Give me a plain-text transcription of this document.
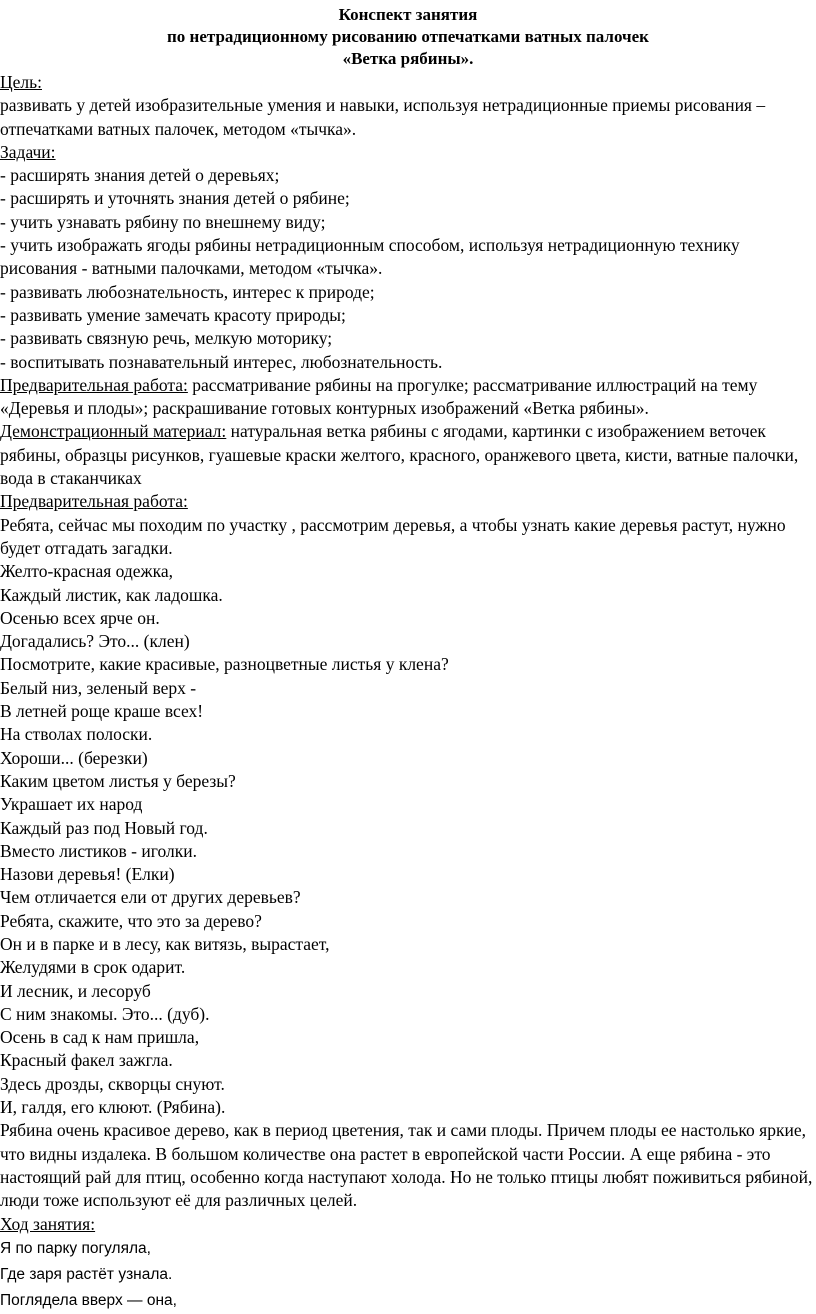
Конспект занятия
по нетрадиционному рисованию отпечатками ватных палочек
«Ветка рябины».

Цель:

развивать у детей изобразительные умения и навыки, используя нетрадиционные приемы рисования – отпечатками ватных палочек, методом «тычка».

Задачи:

- расширять знания детей о деревьях;

- расширять и уточнять знания детей о рябине;

- учить узнавать рябину по внешнему виду;

- учить изображать ягоды рябины нетрадиционным способом, используя нетрадиционную технику рисования - ватными палочками, методом «тычка».

- развивать любознательность, интерес к природе;

- развивать умение замечать красоту природы;

- развивать связную речь, мелкую моторику;

- воспитывать познавательный интерес, любознательность.

Предварительная работа: рассматривание рябины на прогулке; рассматривание иллюстраций на тему «Деревья и плоды»; раскрашивание готовых контурных изображений «Ветка рябины».

Демонстрационный материал: натуральная ветка рябины с ягодами, картинки с изображением веточек рябины, образцы рисунков, гуашевые краски желтого, красного, оранжевого цвета, кисти, ватные палочки, вода в стаканчиках

Предварительная работа:

Ребята, сейчас мы походим по участку , рассмотрим деревья, а чтобы узнать какие деревья растут, нужно будет отгадать загадки.

Желто-красная одежка,

Каждый листик, как ладошка.

Осенью всех ярче он.

Догадались? Это... (клен)

Посмотрите, какие красивые, разноцветные листья у клена?

Белый низ, зеленый верх -

В летней роще краше всех!

На стволах полоски.

Хороши... (березки)

Каким цветом листья у березы?

Украшает их народ

Каждый раз под Новый год.

Вместо листиков - иголки.

Назови деревья! (Елки)

Чем отличается ели от других деревьев?

Ребята, скажите, что это за дерево?

Он и в парке и в лесу, как витязь, вырастает,

Желудями в срок одарит.

И лесник, и лесоруб

С ним знакомы. Это... (дуб).

Осень в сад к нам пришла,

Красный факел зажгла.

Здесь дрозды, скворцы снуют.

И, галдя, его клюют. (Рябина).

Рябина очень красивое дерево, как в период цветения, так и сами плоды. Причем плоды ее настолько яркие, что видны издалека. В большом количестве она растет в европейской части России. А еще рябина - это настоящий рай для птиц, особенно когда наступают холода. Но не только птицы любят поживиться рябиной, люди тоже используют её для различных целей.

Ход занятия:

Я по парку погуляла,

Где заря растёт узнала.

Поглядела вверх — она,
